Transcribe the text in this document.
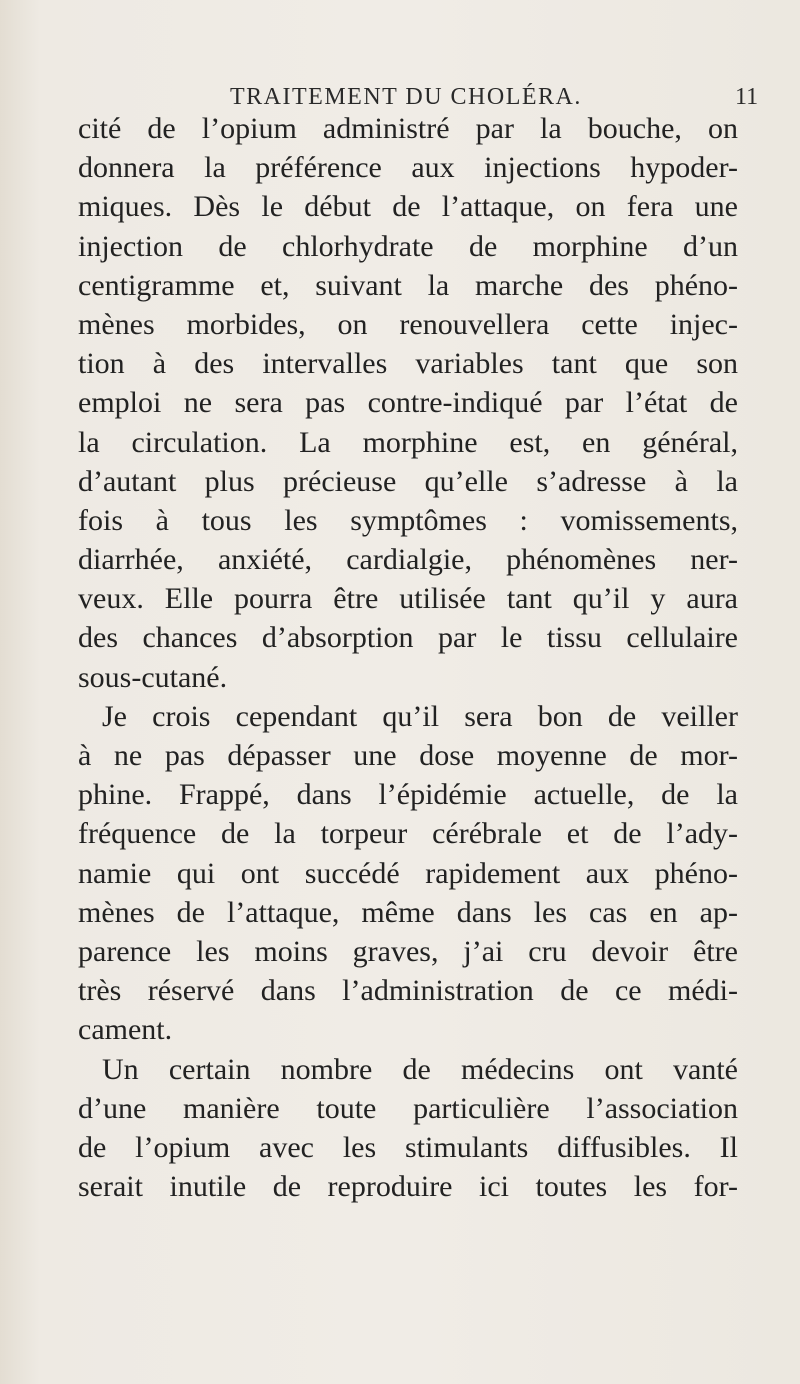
TRAITEMENT DU CHOLÉRA.	11
cité de l’opium administré par la bouche, on
donnera la préférence aux injections hypoder-
miques. Dès le début de l’attaque, on fera une
injection de chlorhydrate de morphine d’un
centigramme et, suivant la marche des phéno-
mènes morbides, on renouvellera cette injec-
tion à des intervalles variables tant que son
emploi ne sera pas contre-indiqué par l’état de
la circulation. La morphine est, en général,
d’autant plus précieuse qu’elle s’adresse à la
fois à tous les symptômes : vomissements,
diarrhée, anxiété, cardialgie, phénomènes ner-
veux. Elle pourra être utilisée tant qu’il y aura
des chances d’absorption par le tissu cellulaire
sous-cutané.
Je crois cependant qu’il sera bon de veiller
à ne pas dépasser une dose moyenne de mor-
phine. Frappé, dans l’épidémie actuelle, de la
fréquence de la torpeur cérébrale et de l’ady-
namie qui ont succédé rapidement aux phéno-
mènes de l’attaque, même dans les cas en ap-
parence les moins graves, j’ai cru devoir être
très réservé dans l’administration de ce médi-
cament.
Un certain nombre de médecins ont vanté
d’une manière toute particulière l’association
de l’opium avec les stimulants diffusibles. Il
serait inutile de reproduire ici toutes les for-
